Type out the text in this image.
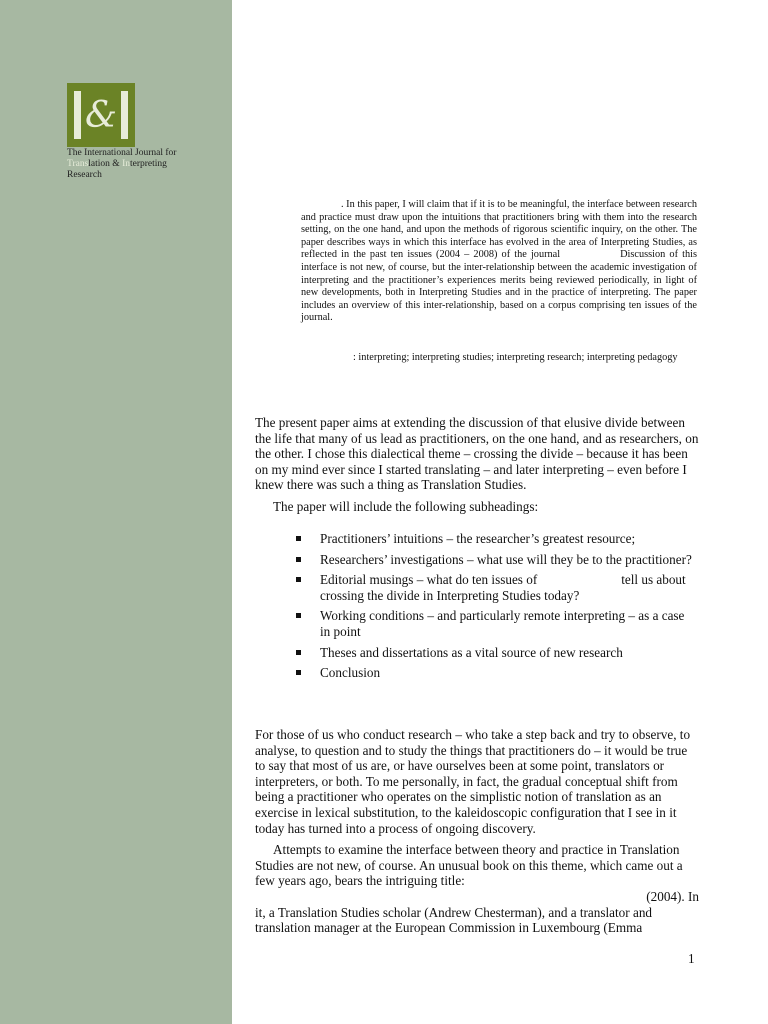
&
The International Journal for
Translation & Interpreting
Research

. In this paper, I will claim that if it is to be meaningful, the interface between research and practice must draw upon the intuitions that practitioners bring with them into the research setting, on the one hand, and upon the methods of rigorous scientific inquiry, on the other. The paper describes ways in which this interface has evolved in the area of Interpreting Studies, as reflected in the past ten issues (2004 – 2008) of the journal	Discussion of this interface is not new, of course, but the inter-relationship between the academic investigation of interpreting and the practitioner’s experiences merits being reviewed periodically, in light of new developments, both in Interpreting Studies and in the practice of interpreting. The paper includes an overview of this inter-relationship, based on a corpus comprising ten issues of the journal.

: interpreting; interpreting studies; interpreting research; interpreting pedagogy

The present paper aims at extending the discussion of that elusive divide between the life that many of us lead as practitioners, on the one hand, and as researchers, on the other. I chose this dialectical theme – crossing the divide – because it has been on my mind ever since I started translating – and later interpreting – even before I knew there was such a thing as Translation Studies.

The paper will include the following subheadings:

Practitioners’ intuitions – the researcher’s greatest resource;
Researchers’ investigations – what use will they be to the practitioner?
Editorial musings – what do ten issues of	tell us about crossing the divide in Interpreting Studies today?
Working conditions – and particularly remote interpreting – as a case in point
Theses and dissertations as a vital source of new research
Conclusion

For those of us who conduct research – who take a step back and try to observe, to analyse, to question and to study the things that practitioners do – it would be true to say that most of us are, or have ourselves been at some point, translators or interpreters, or both. To me personally, in fact, the gradual conceptual shift from being a practitioner who operates on the simplistic notion of translation as an exercise in lexical substitution, to the kaleidoscopic configuration that I see in it today has turned into a process of ongoing discovery.

Attempts to examine the interface between theory and practice in Translation Studies are not new, of course. An unusual book on this theme, which came out a few years ago, bears the intriguing title:

(2004). In

it, a Translation Studies scholar (Andrew Chesterman), and a translator and translation manager at the European Commission in Luxembourg (Emma

1
